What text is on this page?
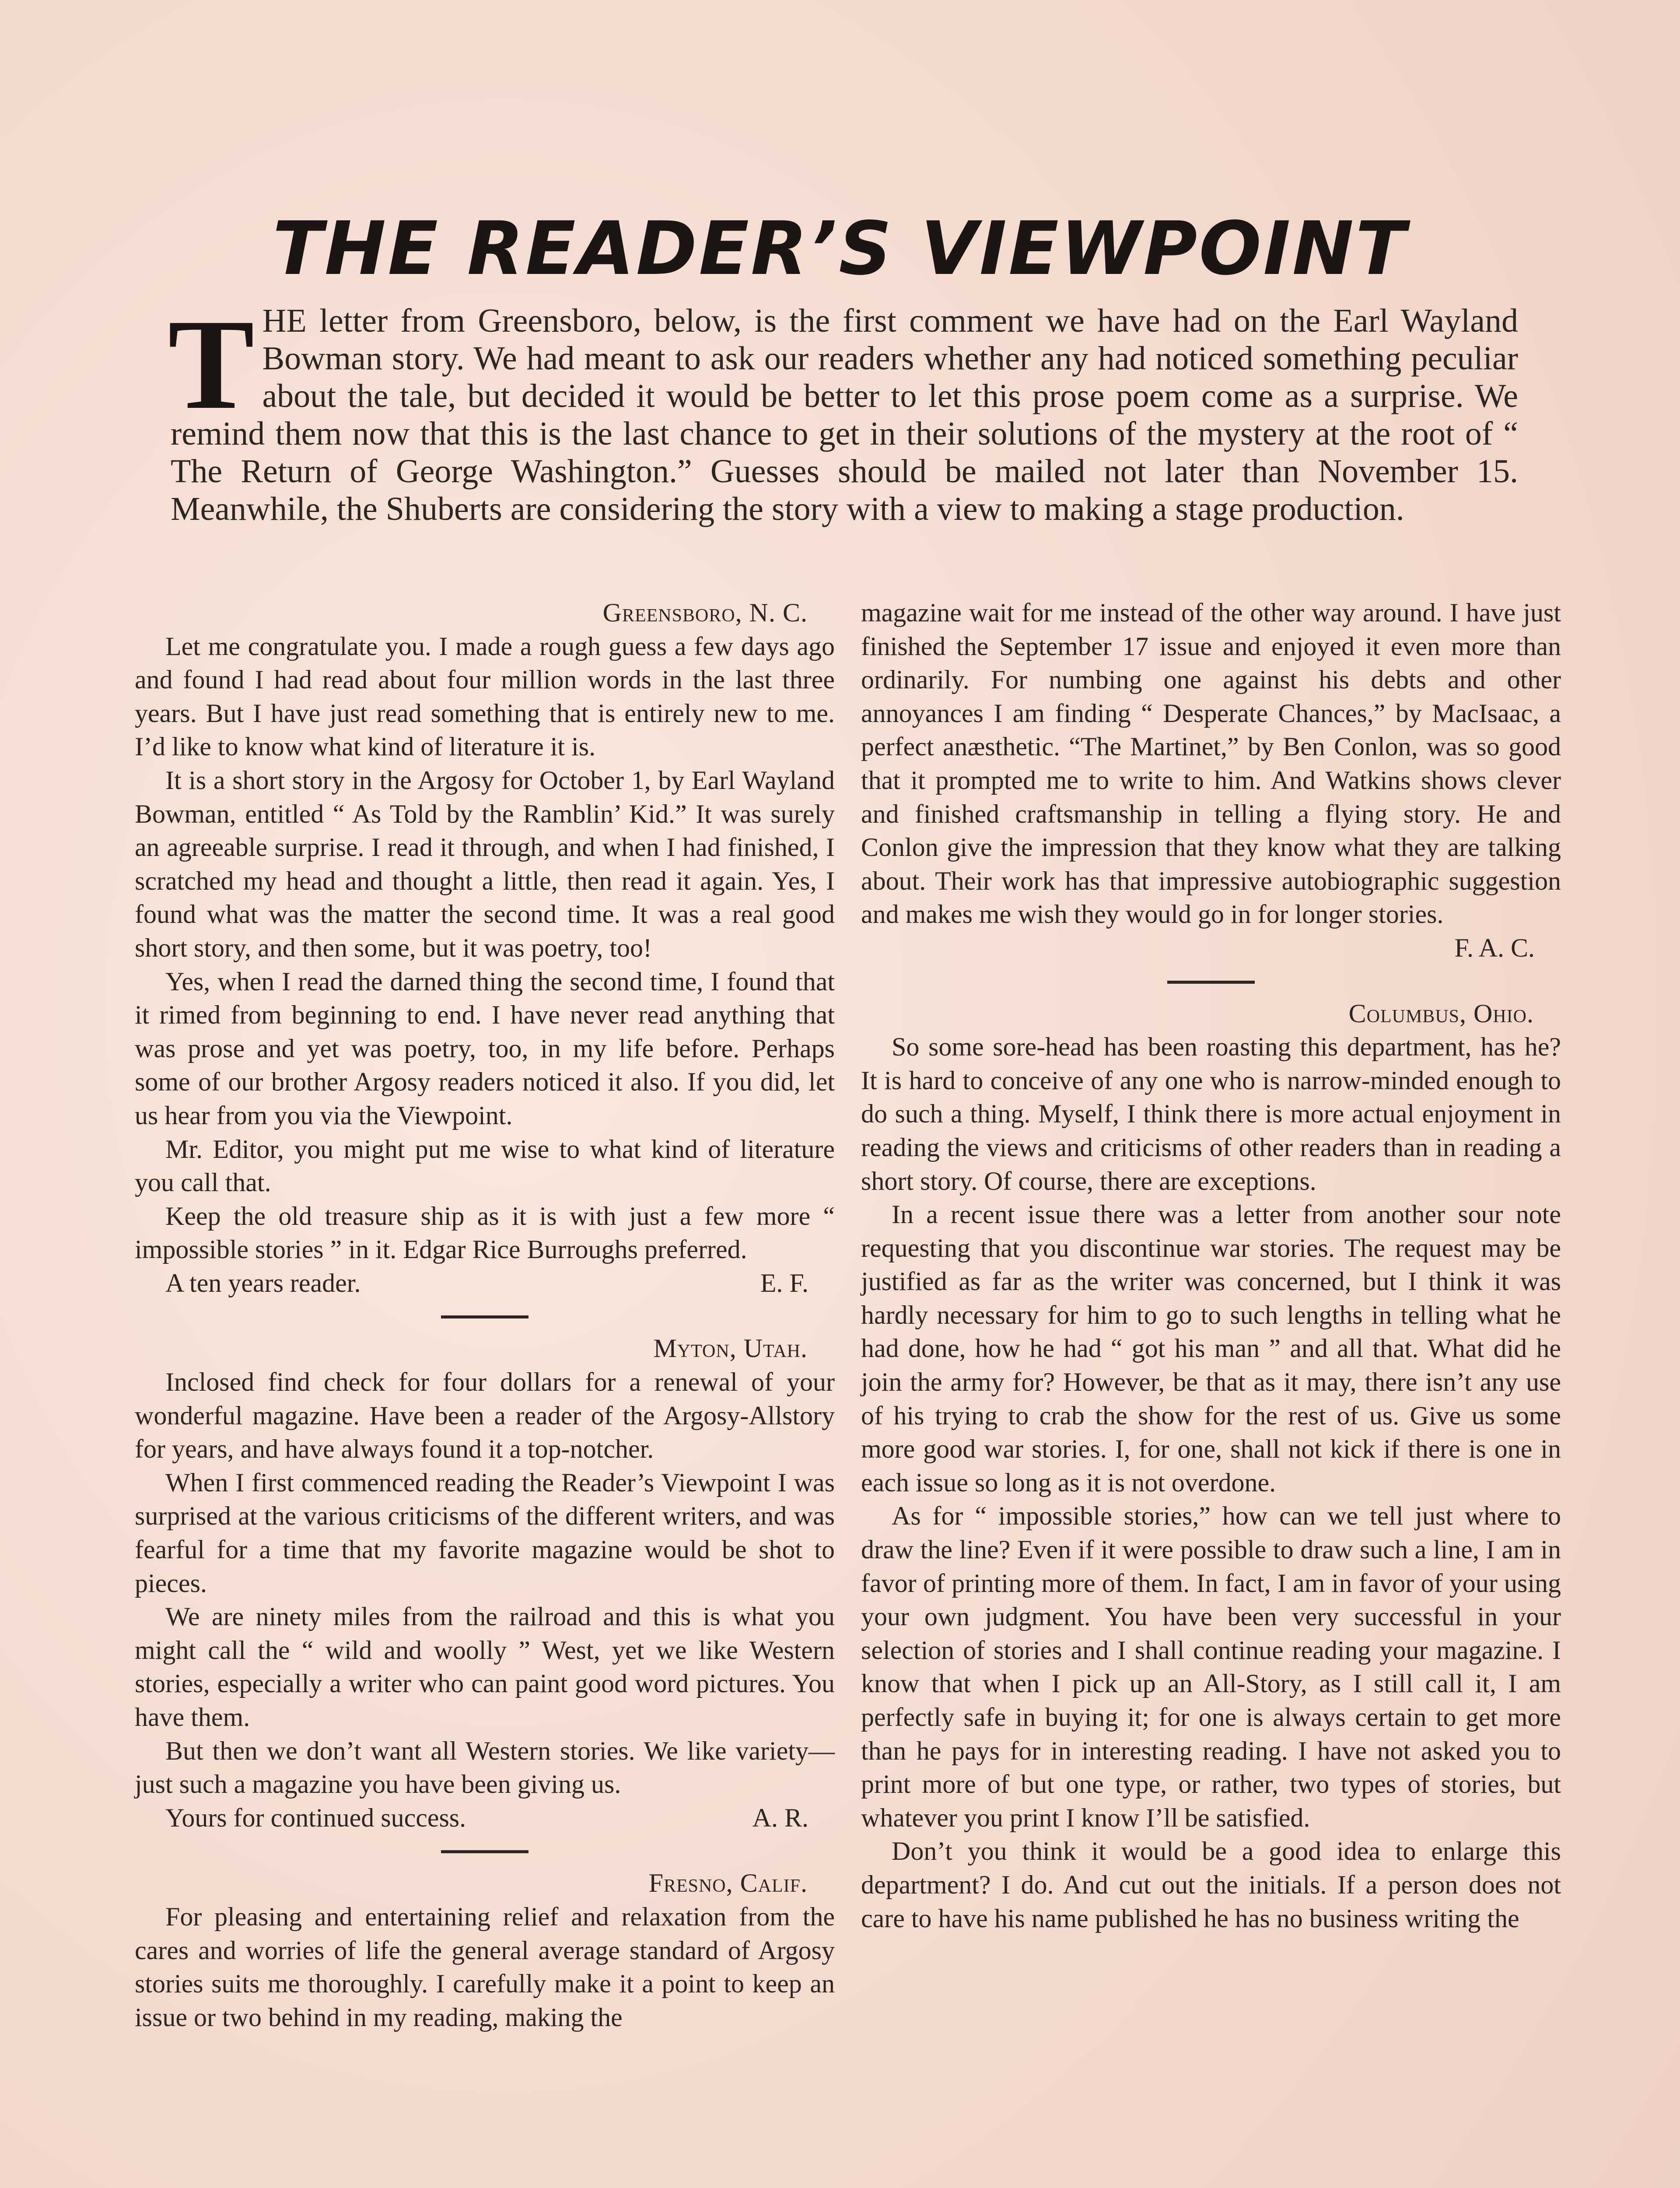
THE READER’S VIEWPOINT

THE letter from Greensboro, below, is the first comment we have had on the Earl Wayland Bowman story. We had meant to ask our readers whether any had noticed something peculiar about the tale, but decided it would be better to let this prose poem come as a surprise. We remind them now that this is the last chance to get in their solutions of the mystery at the root of “ The Return of George Washington.” Guesses should be mailed not later than November 15. Meanwhile, the Shuberts are considering the story with a view to making a stage production.

Greensboro, N. C.

Let me congratulate you. I made a rough guess a few days ago and found I had read about four million words in the last three years. But I have just read something that is entirely new to me. I’d like to know what kind of literature it is.

It is a short story in the Argosy for October 1, by Earl Wayland Bowman, entitled “ As Told by the Ramblin’ Kid.” It was surely an agreeable surprise. I read it through, and when I had finished, I scratched my head and thought a little, then read it again. Yes, I found what was the matter the second time. It was a real good short story, and then some, but it was poetry, too!

Yes, when I read the darned thing the second time, I found that it rimed from beginning to end. I have never read anything that was prose and yet was poetry, too, in my life before. Perhaps some of our brother Argosy readers noticed it also. If you did, let us hear from you via the Viewpoint.

Mr. Editor, you might put me wise to what kind of literature you call that.

Keep the old treasure ship as it is with just a few more “ impossible stories ” in it. Edgar Rice Burroughs preferred.

A ten years reader.	E. F.

Myton, Utah.

Inclosed find check for four dollars for a renewal of your wonderful magazine. Have been a reader of the Argosy-Allstory for years, and have always found it a top-notcher.

When I first commenced reading the Reader’s Viewpoint I was surprised at the various criticisms of the different writers, and was fearful for a time that my favorite magazine would be shot to pieces.

We are ninety miles from the railroad and this is what you might call the “ wild and woolly ” West, yet we like Western stories, especially a writer who can paint good word pictures. You have them.

But then we don’t want all Western stories. We like variety—just such a magazine you have been giving us.

Yours for continued success.	A. R.

Fresno, Calif.

For pleasing and entertaining relief and relaxation from the cares and worries of life the general average standard of Argosy stories suits me thoroughly. I carefully make it a point to keep an issue or two behind in my reading, making the

magazine wait for me instead of the other way around. I have just finished the September 17 issue and enjoyed it even more than ordinarily. For numbing one against his debts and other annoyances I am finding “ Desperate Chances,” by MacIsaac, a perfect anæsthetic. “The Martinet,” by Ben Conlon, was so good that it prompted me to write to him. And Watkins shows clever and finished craftsmanship in telling a flying story. He and Conlon give the impression that they know what they are talking about. Their work has that impressive autobiographic suggestion and makes me wish they would go in for longer stories.

F. A. C.

Columbus, Ohio.

So some sore-head has been roasting this department, has he? It is hard to conceive of any one who is narrow-minded enough to do such a thing. Myself, I think there is more actual enjoyment in reading the views and criticisms of other readers than in reading a short story. Of course, there are exceptions.

In a recent issue there was a letter from another sour note requesting that you discontinue war stories. The request may be justified as far as the writer was concerned, but I think it was hardly necessary for him to go to such lengths in telling what he had done, how he had “ got his man ” and all that. What did he join the army for? However, be that as it may, there isn’t any use of his trying to crab the show for the rest of us. Give us some more good war stories. I, for one, shall not kick if there is one in each issue so long as it is not overdone.

As for “ impossible stories,” how can we tell just where to draw the line? Even if it were possible to draw such a line, I am in favor of printing more of them. In fact, I am in favor of your using your own judgment. You have been very successful in your selection of stories and I shall continue reading your magazine. I know that when I pick up an All-Story, as I still call it, I am perfectly safe in buying it; for one is always certain to get more than he pays for in interesting reading. I have not asked you to print more of but one type, or rather, two types of stories, but whatever you print I know I’ll be satisfied.

Don’t you think it would be a good idea to enlarge this department? I do. And cut out the initials. If a person does not care to have his name published he has no business writing the
